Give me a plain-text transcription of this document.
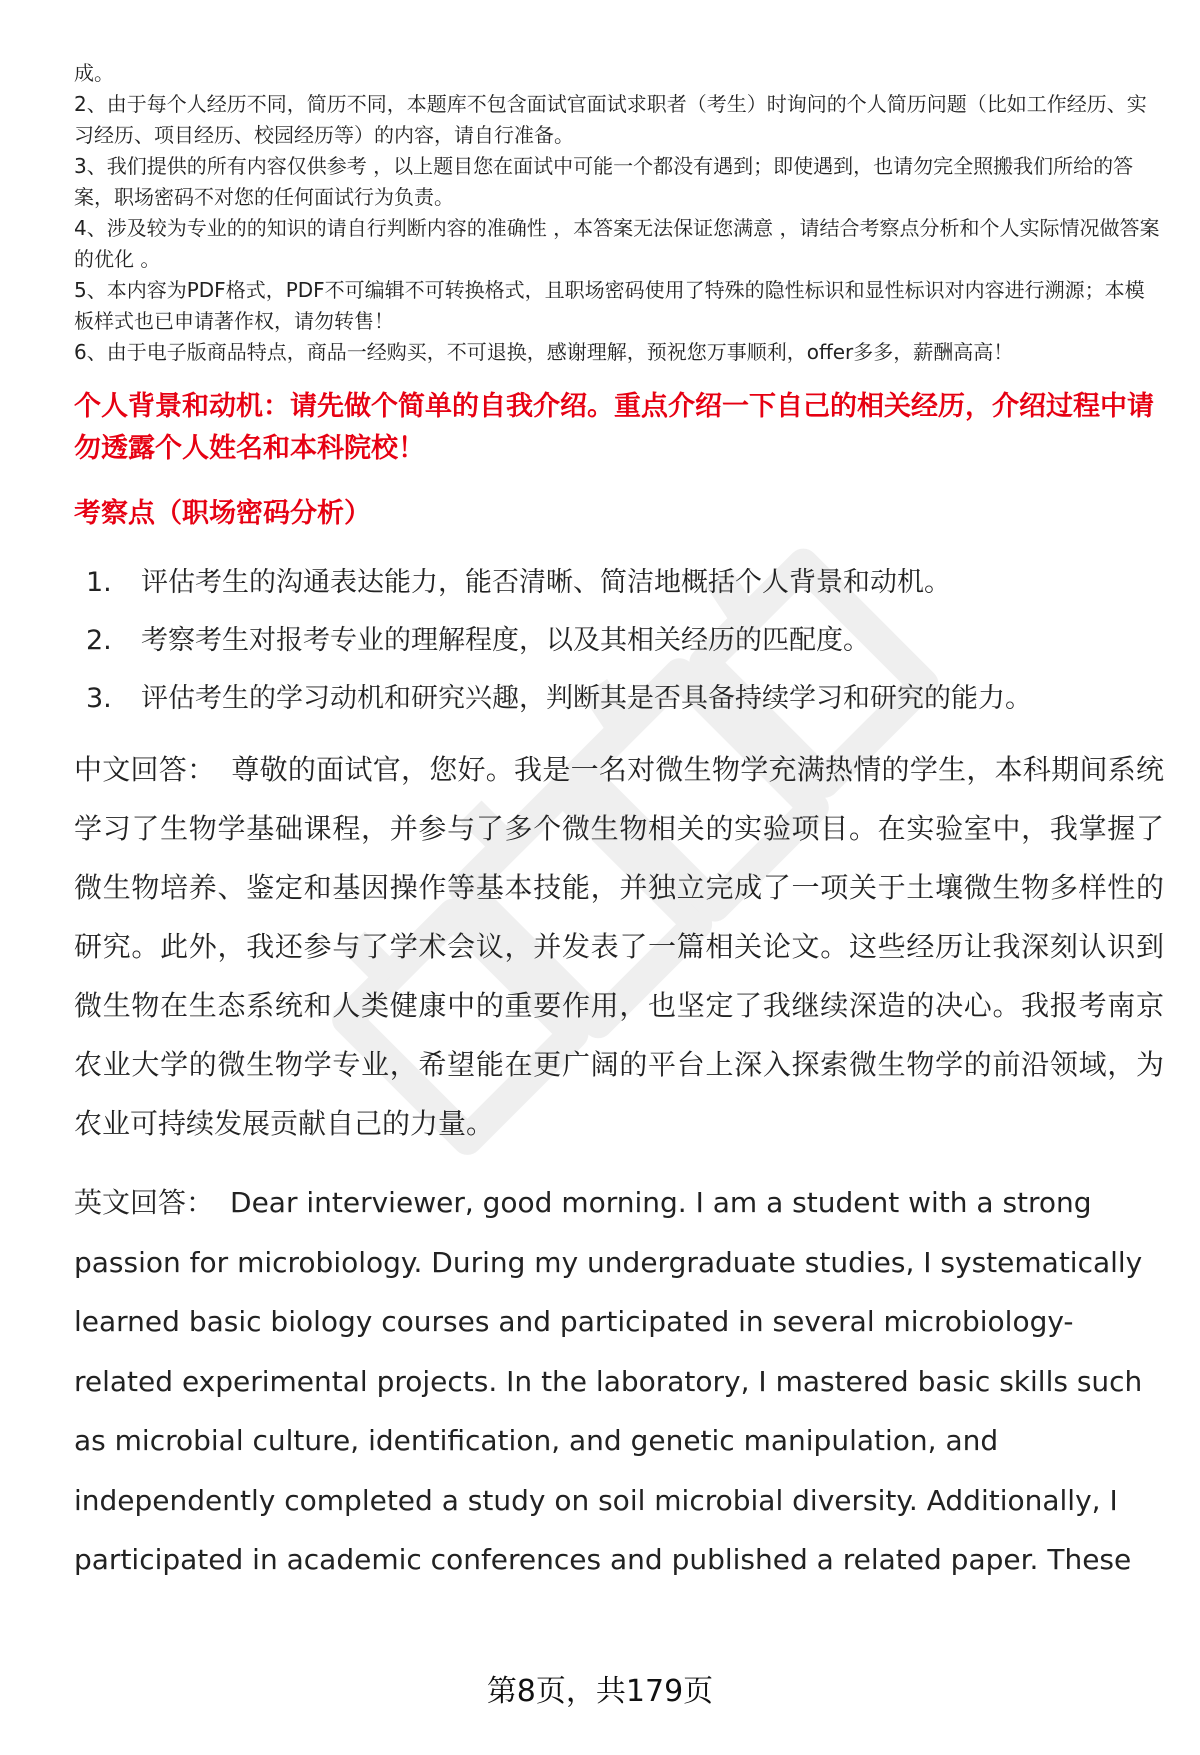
成。

2、由于每个人经历不同，简历不同，本题库不包含面试官面试求职者（考生）时询问的个人简历问题（比如工作经历、实习经历、项目经历、校园经历等）的内容，请自行准备。

3、我们提供的所有内容仅供参考 ，以上题目您在面试中可能一个都没有遇到；即使遇到，也请勿完全照搬我们所给的答案，职场密码不对您的任何面试行为负责。

4、涉及较为专业的的知识的请自行判断内容的准确性 ，本答案无法保证您满意 ，请结合考察点分析和个人实际情况做答案的优化 。

5、本内容为PDF格式，PDF不可编辑不可转换格式，且职场密码使用了特殊的隐性标识和显性标识对内容进行溯源；本模板样式也已申请著作权，请勿转售！

6、由于电子版商品特点，商品一经购买，不可退换，感谢理解，预祝您万事顺利，offer多多，薪酬高高！

个人背景和动机：请先做个简单的自我介绍。重点介绍一下自己的相关经历，介绍过程中请勿透露个人姓名和本科院校！

考察点（职场密码分析）

1.	评估考生的沟通表达能力，能否清晰、简洁地概括个人背景和动机。
2.	考察考生对报考专业的理解程度，以及其相关经历的匹配度。
3.	评估考生的学习动机和研究兴趣，判断其是否具备持续学习和研究的能力。

中文回答： 尊敬的面试官，您好。我是一名对微生物学充满热情的学生，本科期间系统学习了生物学基础课程，并参与了多个微生物相关的实验项目。在实验室中，我掌握了微生物培养、鉴定和基因操作等基本技能，并独立完成了一项关于土壤微生物多样性的研究。此外，我还参与了学术会议，并发表了一篇相关论文。这些经历让我深刻认识到微生物在生态系统和人类健康中的重要作用，也坚定了我继续深造的决心。我报考南京农业大学的微生物学专业，希望能在更广阔的平台上深入探索微生物学的前沿领域，为农业可持续发展贡献自己的力量。

英文回答： Dear interviewer, good morning. I am a student with a strong passion for microbiology. During my undergraduate studies, I systematically learned basic biology courses and participated in several microbiology-related experimental projects. In the laboratory, I mastered basic skills such as microbial culture, identification, and genetic manipulation, and independently completed a study on soil microbial diversity. Additionally, I participated in academic conferences and published a related paper. These

第8页，共179页
